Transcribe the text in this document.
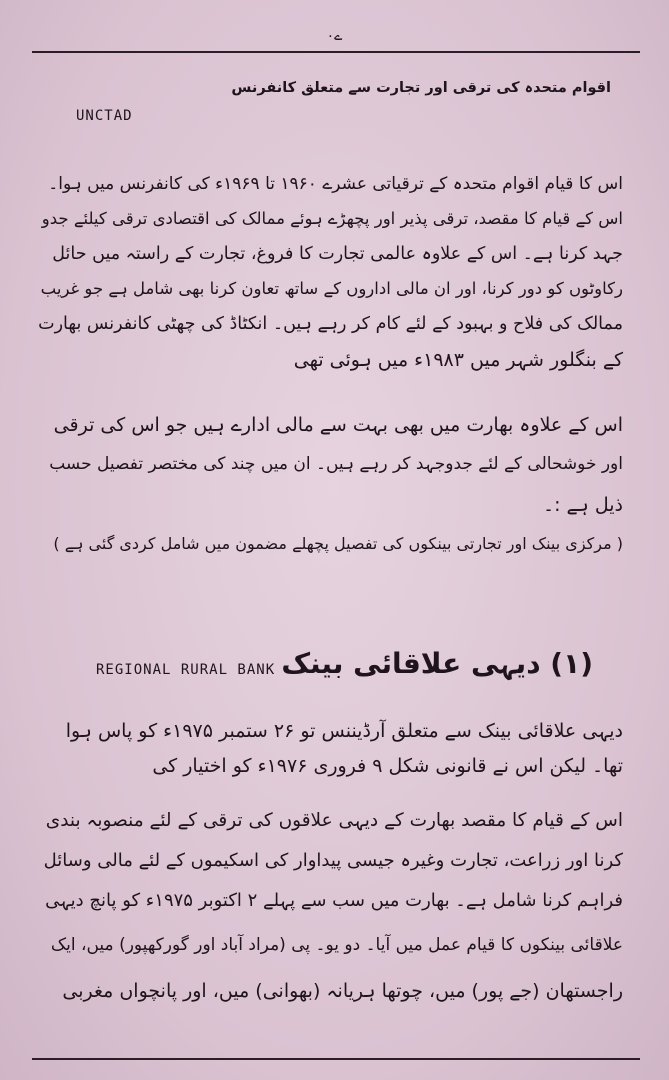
۰ے
اقوام متحدہ کی ترقی اور تجارت سے متعلق کانفرنس
UNCTAD
اس کا قیام اقوام متحدہ کے ترقیاتی عشرے ۱۹۶۰ تا ۱۹۶۹ء کی کانفرنس میں ہوا۔
اس کے قیام کا مقصد، ترقی پذیر اور پچھڑے ہوئے ممالک کی اقتصادی ترقی کیلئے جدو
جہد کرنا ہے۔ اس کے علاوہ عالمی تجارت کا فروغ، تجارت کے راستہ میں حائل
رکاوٹوں کو دور کرنا، اور ان مالی اداروں کے ساتھ تعاون کرنا بھی شامل ہے جو غریب
ممالک کی فلاح و بہبود کے لئے کام کر رہے ہیں۔ انکٹاڈ کی چھٹی کانفرنس بھارت
کے بنگلور شہر میں ۱۹۸۳ء میں ہوئی تھی
اس کے علاوہ بھارت میں بھی بہت سے مالی ادارے ہیں جو اس کی ترقی
اور خوشحالی کے لئے جدوجہد کر رہے ہیں۔ ان میں چند کی مختصر تفصیل حسب
ذیل ہے :۔
( مرکزی بینک اور تجارتی بینکوں کی تفصیل پچھلے مضمون میں شامل کردی گئی ہے )
(۱) دیہی علاقائی بینک
REGIONAL RURAL BANK
دیہی علاقائی بینک سے متعلق آرڈیننس تو ۲۶ ستمبر ۱۹۷۵ء کو پاس ہوا
تھا۔ لیکن اس نے قانونی شکل ۹ فروری ۱۹۷۶ء کو اختیار کی
اس کے قیام کا مقصد بھارت کے دیہی علاقوں کی ترقی کے لئے منصوبہ بندی
کرنا اور زراعت، تجارت وغیرہ جیسی پیداوار کی اسکیموں کے لئے مالی وسائل
فراہم کرنا شامل ہے۔ بھارت میں سب سے پہلے ۲ اکتوبر ۱۹۷۵ء کو پانچ دیہی
علاقائی بینکوں کا قیام عمل میں آیا۔ دو یو۔ پی (مراد آباد اور گورکھپور) میں، ایک
راجستھان (جے پور) میں، چوتھا ہریانہ (بھوانی) میں، اور پانچواں مغربی
